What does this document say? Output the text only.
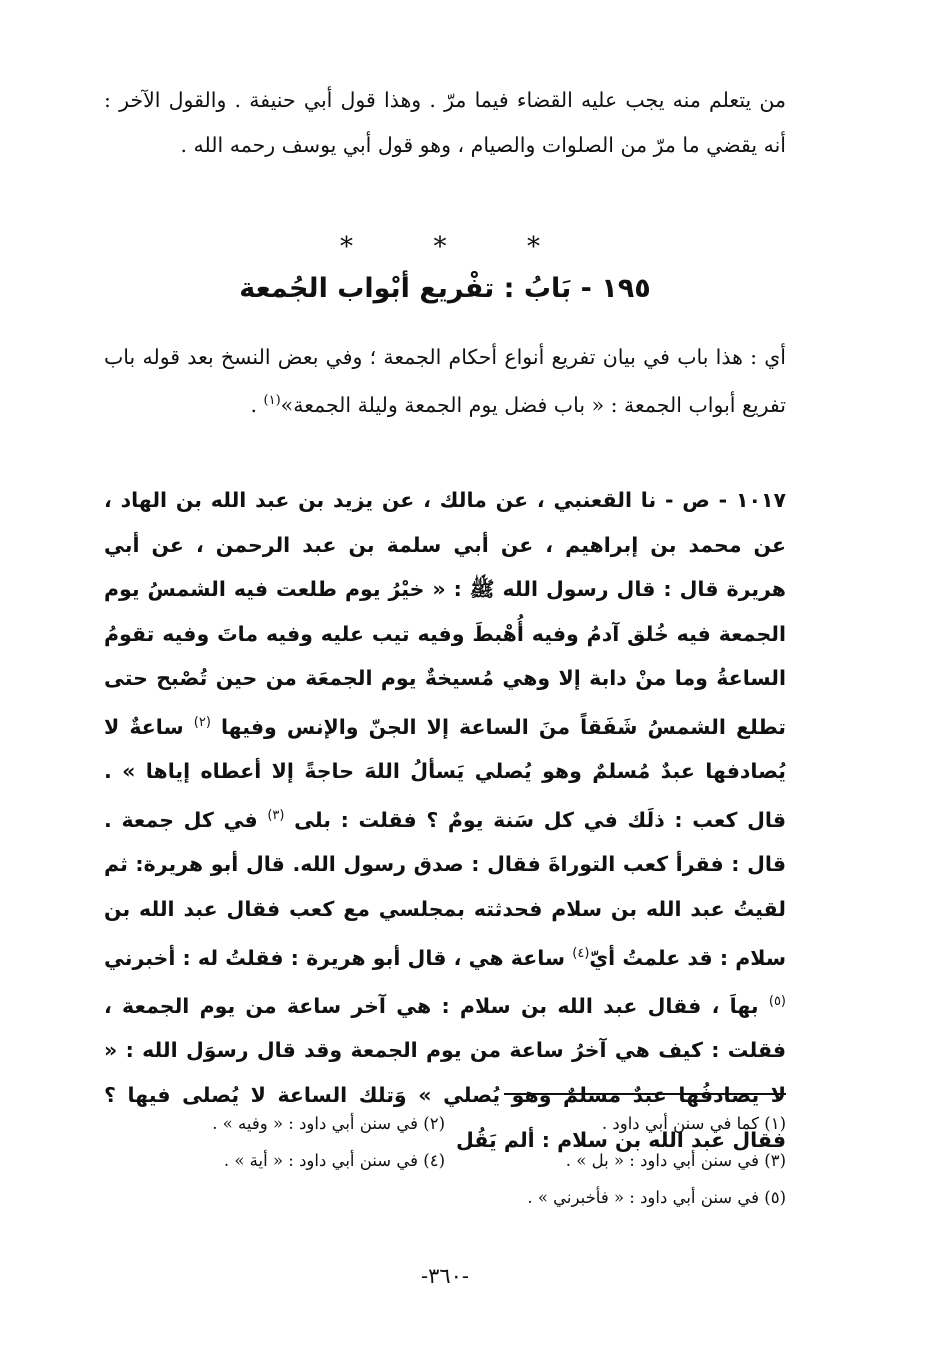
من يتعلم منه يجب عليه القضاء فيما مرّ . وهذا قول أبي حنيفة . والقول الآخر : أنه يقضي ما مرّ من الصلوات والصيام ، وهو قول أبي يوسف رحمه الله .

*	*	*
١٩٥ - بَابُ : تفْريع أبْواب الجُمعة

أي : هذا باب في بيان تفريع أنواع أحكام الجمعة ؛ وفي بعض النسخ بعد قوله باب تفريع أبواب الجمعة : « باب فضل يوم الجمعة وليلة الجمعة»$^{(١)}$ .

١٠١٧ - ص - نا القعنبي ، عن مالك ، عن يزيد بن عبد الله بن الهاد ، عن محمد بن إبراهيم ، عن أبي سلمة بن عبد الرحمن ، عن أبي هريرة قال : قال رسول الله ﷺ : « خيْرُ يوم طلعت فيه الشمسُ يوم الجمعة فيه خُلق آدمُ وفيه أُهْبطَ وفيه تيب عليه وفيه ماتَ وفيه تقومُ الساعةُ وما منْ دابة إلا وهي مُسيخةٌ يوم الجمعَة من حين تُصْبح حتى تطلع الشمسُ شَفَقاً منَ الساعة إلا الجنّ والإنس وفيها $^{(٢)}$ ساعةٌ لا يُصادفها عبدٌ مُسلمٌ وهو يُصلي يَسألُ اللهَ حاجةً إلا أعطاه إياها » . قال كعب : ذلَك في كل سَنة يومٌ ؟ فقلت : بلى $^{(٣)}$ في كل جمعة . قال : فقرأ كعب التوراةَ فقال : صدق رسول الله. قال أبو هريرة: ثم لقيتُ عبد الله بن سلام فحدثته بمجلسي مع كعب فقال عبد الله بن سلام : قد علمتُ أيّ$^{(٤)}$ ساعة هي ، قال أبو هريرة : فقلتُ له : أخبرني $^{(٥)}$ بهاَ ، فقال عبد الله بن سلام : هي آخر ساعة من يوم الجمعة ، فقلت : كيف هي آخرُ ساعة من يوم الجمعة وقد قال رسوَل الله : « لا يصادفُها عبدٌ مسلمٌ وهو يُصلي » وَتلك الساعة لا يُصلى فيها ؟ فقال عبد الله بن سلام : ألم يَقُل

(١) كما في سنن أبي داود .
(٢) في سنن أبي داود : « وفيه » .
(٣) في سنن أبي داود : « بل » .
(٤) في سنن أبي داود : « أية » .
(٥) في سنن أبي داود : « فأخبرني » .
-٣٦٠-
